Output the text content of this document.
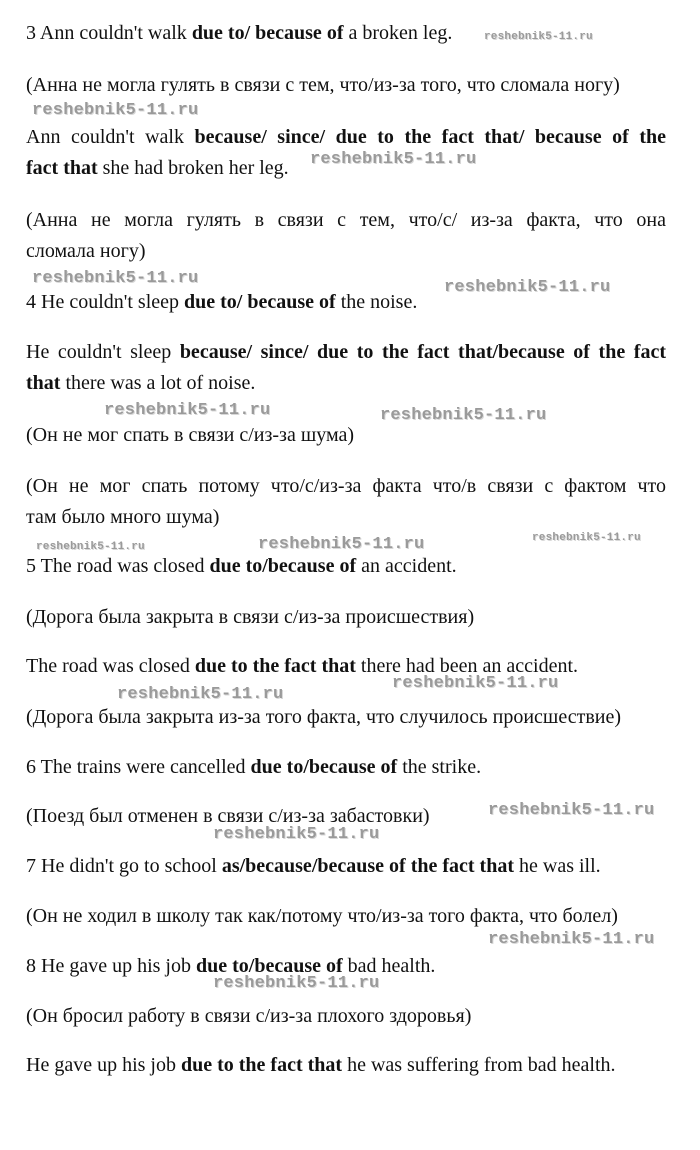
3 Ann couldn't walk due to/ because of a broken leg.

(Анна не могла гулять в связи с тем, что/из-за того, что сломала ногу)

Ann couldn't walk because/ since/ due to the fact that/ because of the

fact that she had broken her leg.

(Анна не могла гулять в связи с тем, что/с/ из-за факта, что она

сломала ногу)

4 He couldn't sleep due to/ because of the noise.

He couldn't sleep because/ since/ due to the fact that/because of the fact

that there was a lot of noise.

(Он не мог спать в связи с/из-за шума)

(Он не мог спать потому что/с/из-за факта что/в связи с фактом что

там было много шума)

5 The road was closed due to/because of an accident.

(Дорога была закрыта в связи с/из-за происшествия)

The road was closed due to the fact that there had been an accident.

(Дорога была закрыта из-за того факта, что случилось происшествие)

6 The trains were cancelled due to/because of the strike.

(Поезд был отменен в связи с/из-за забастовки)

7 He didn't go to school as/because/because of the fact that he was ill.

(Он не ходил в школу так как/потому что/из-за того факта, что болел)

8 He gave up his job due to/because of bad health.

(Он бросил работу в связи с/из-за плохого здоровья)

He gave up his job due to the fact that he was suffering from bad health.

reshebnik5-11.ru
reshebnik5-11.ru
reshebnik5-11.ru
reshebnik5-11.ru	reshebnik5-11.ru
reshebnik5-11.ru	reshebnik5-11.ru
reshebnik5-11.ru	reshebnik5-11.ru	reshebnik5-11.ru
reshebnik5-11.ru
reshebnik5-11.ru
reshebnik5-11.ru
reshebnik5-11.ru
reshebnik5-11.ru
reshebnik5-11.ru
